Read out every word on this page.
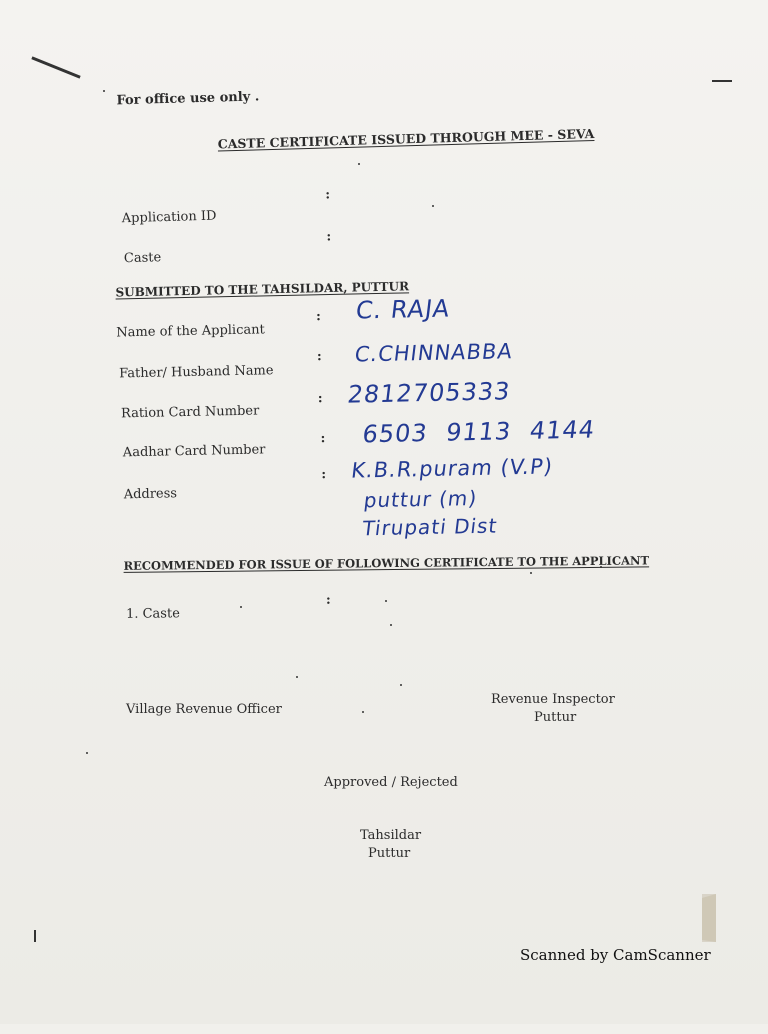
For office use only .
CASTE CERTIFICATE ISSUED THROUGH MEE - SEVA
Application ID
:
Caste
:
SUBMITTED TO THE TAHSILDAR, PUTTUR
Name of the Applicant
: C. RAJA
Father/ Husband Name
: C.CHINNABBA
Ration Card Number
: 2812705333
Aadhar Card Number
: 6503 9113 4144
Address
: K.B.R.puram (V.P)
puttur (m)
Tirupati Dist
RECOMMENDED FOR ISSUE OF FOLLOWING CERTIFICATE TO THE APPLICANT
1. Caste
:
Village Revenue Officer
Revenue Inspector
Puttur
Approved / Rejected
Tahsildar
Puttur
Scanned by CamScanner
